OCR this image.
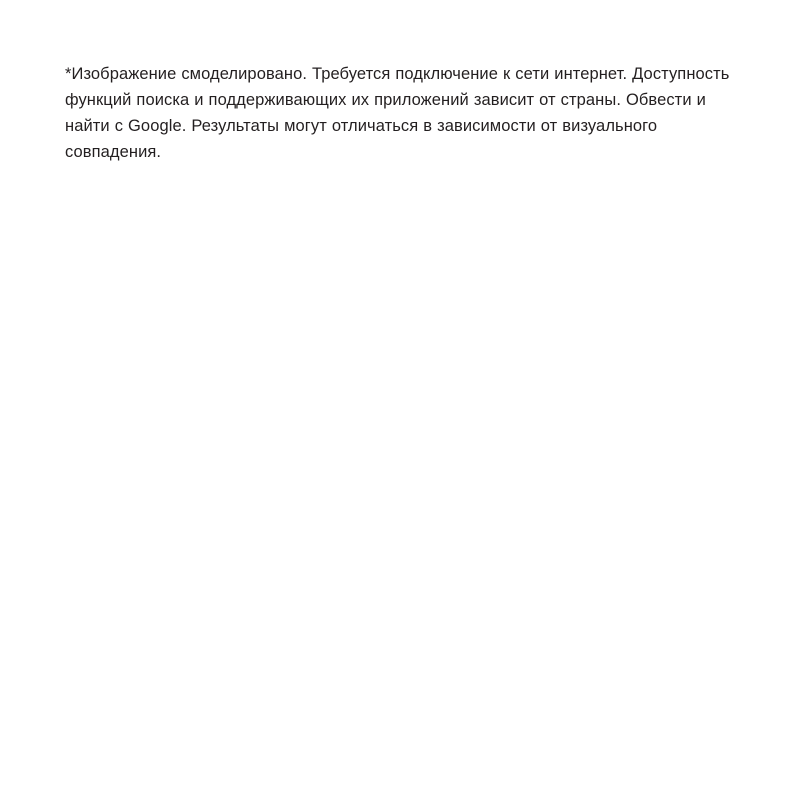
*Изображение смоделировано. Требуется подключение к сети интернет. Доступность функций поиска и поддерживающих их приложений зависит от страны. Обвести и найти с Google. Результаты могут отличаться в зависимости от визуального совпадения.
